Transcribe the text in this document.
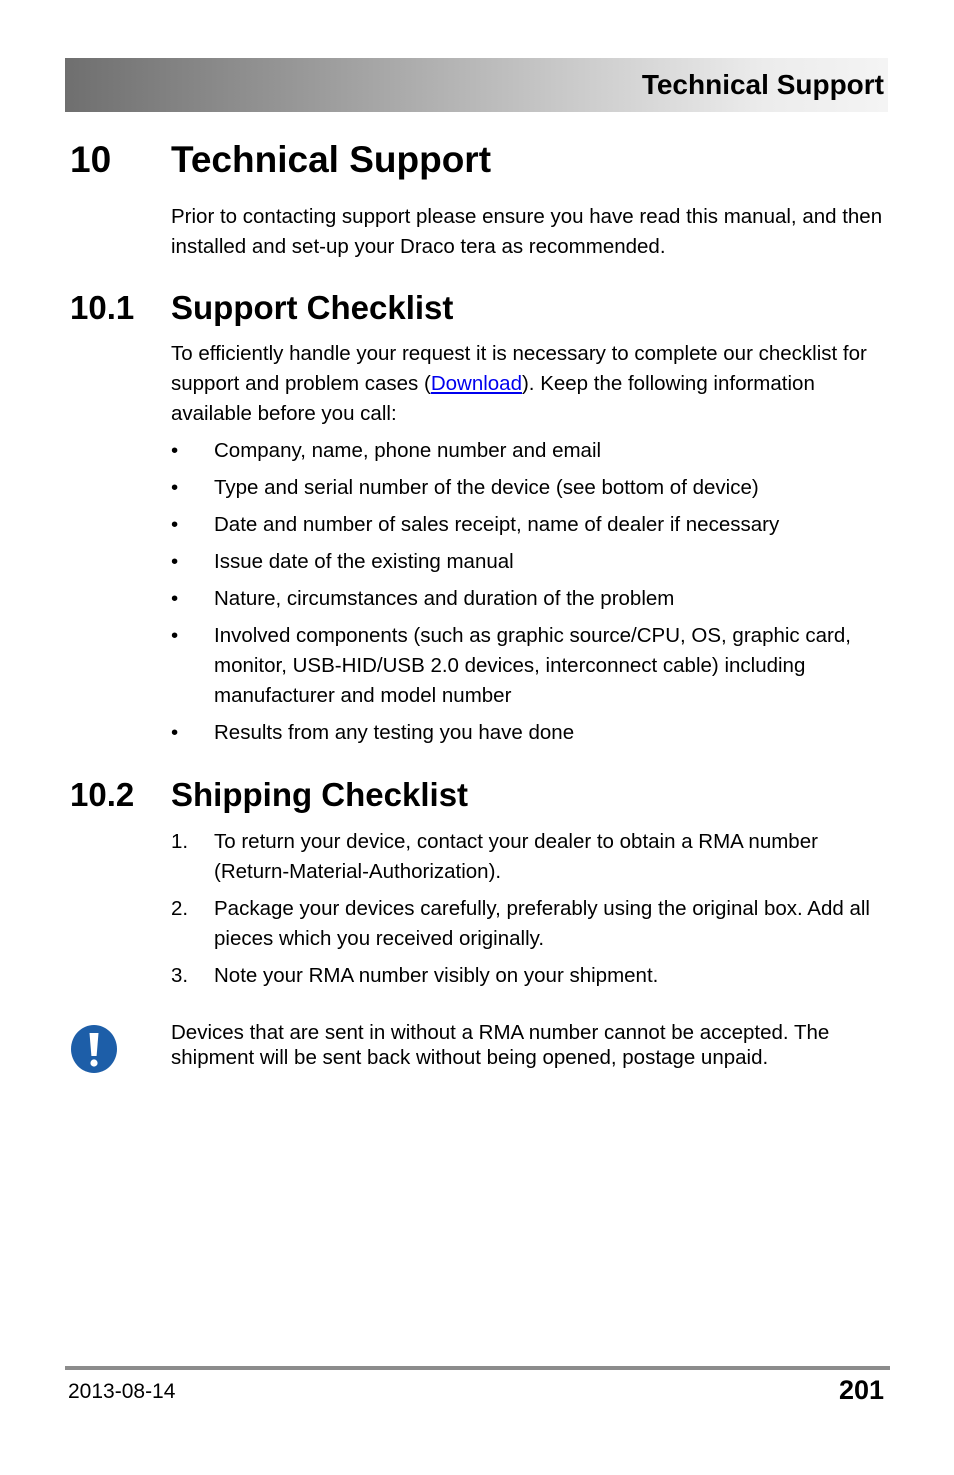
Technical Support
10 Technical Support
Prior to contacting support please ensure you have read this manual, and then installed and set-up your Draco tera as recommended.
10.1 Support Checklist
To efficiently handle your request it is necessary to complete our checklist for support and problem cases (Download). Keep the following information available before you call:
• Company, name, phone number and email
• Type and serial number of the device (see bottom of device)
• Date and number of sales receipt, name of dealer if necessary
• Issue date of the existing manual
• Nature, circumstances and duration of the problem
• Involved components (such as graphic source/CPU, OS, graphic card, monitor, USB-HID/USB 2.0 devices, interconnect cable) including manufacturer and model number
• Results from any testing you have done
10.2 Shipping Checklist
1. To return your device, contact your dealer to obtain a RMA number (Return-Material-Authorization).
2. Package your devices carefully, preferably using the original box. Add all pieces which you received originally.
3. Note your RMA number visibly on your shipment.
Devices that are sent in without a RMA number cannot be accepted. The shipment will be sent back without being opened, postage unpaid.
2013-08-14	201
